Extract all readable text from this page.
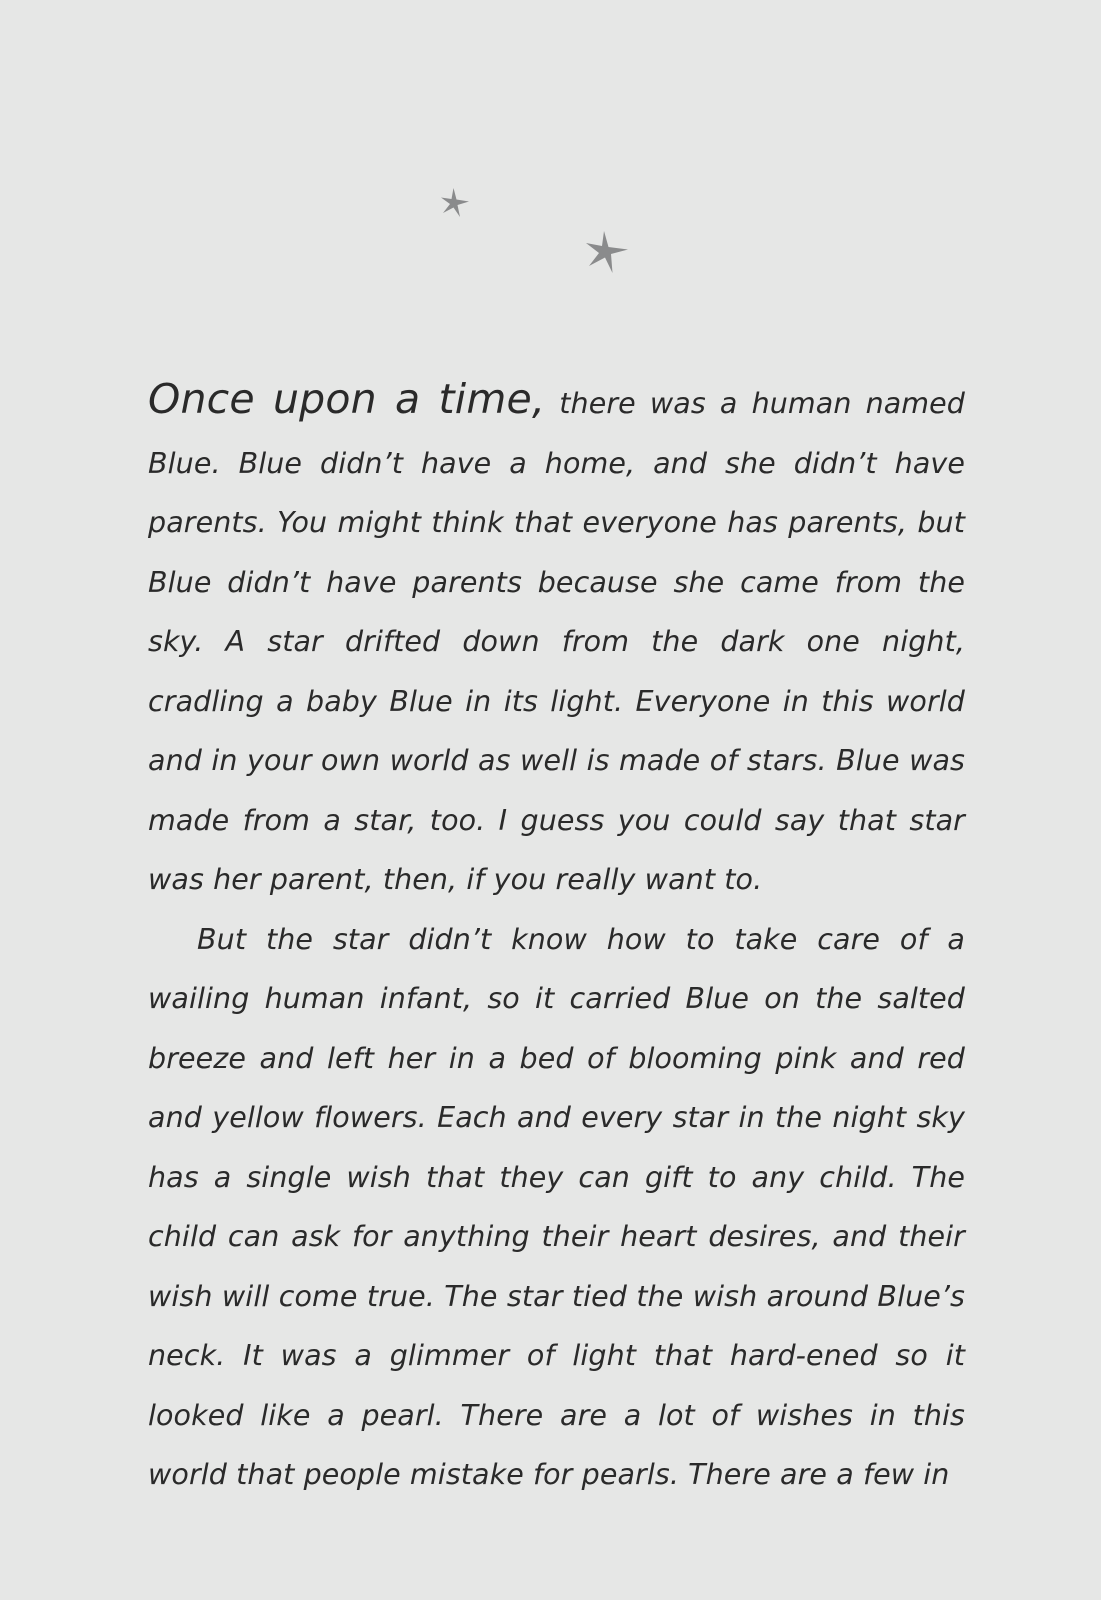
Once upon a time, there was a human named Blue. Blue didn’t have a home, and she didn’t have parents. You might think that everyone has parents, but Blue didn’t have parents because she came from the sky. A star drifted down from the dark one night, cradling a baby Blue in its light. Everyone in this world and in your own world as well is made of stars. Blue was made from a star, too. I guess you could say that star was her parent, then, if you really want to.

But the star didn’t know how to take care of a wailing human infant, so it carried Blue on the salted breeze and left her in a bed of blooming pink and red and yellow flowers. Each and every star in the night sky has a single wish that they can gift to any child. The child can ask for anything their heart desires, and their wish will come true. The star tied the wish around Blue’s neck. It was a glimmer of light that hard-ened so it looked like a pearl. There are a lot of wishes in this world that people mistake for pearls. There are a few in
